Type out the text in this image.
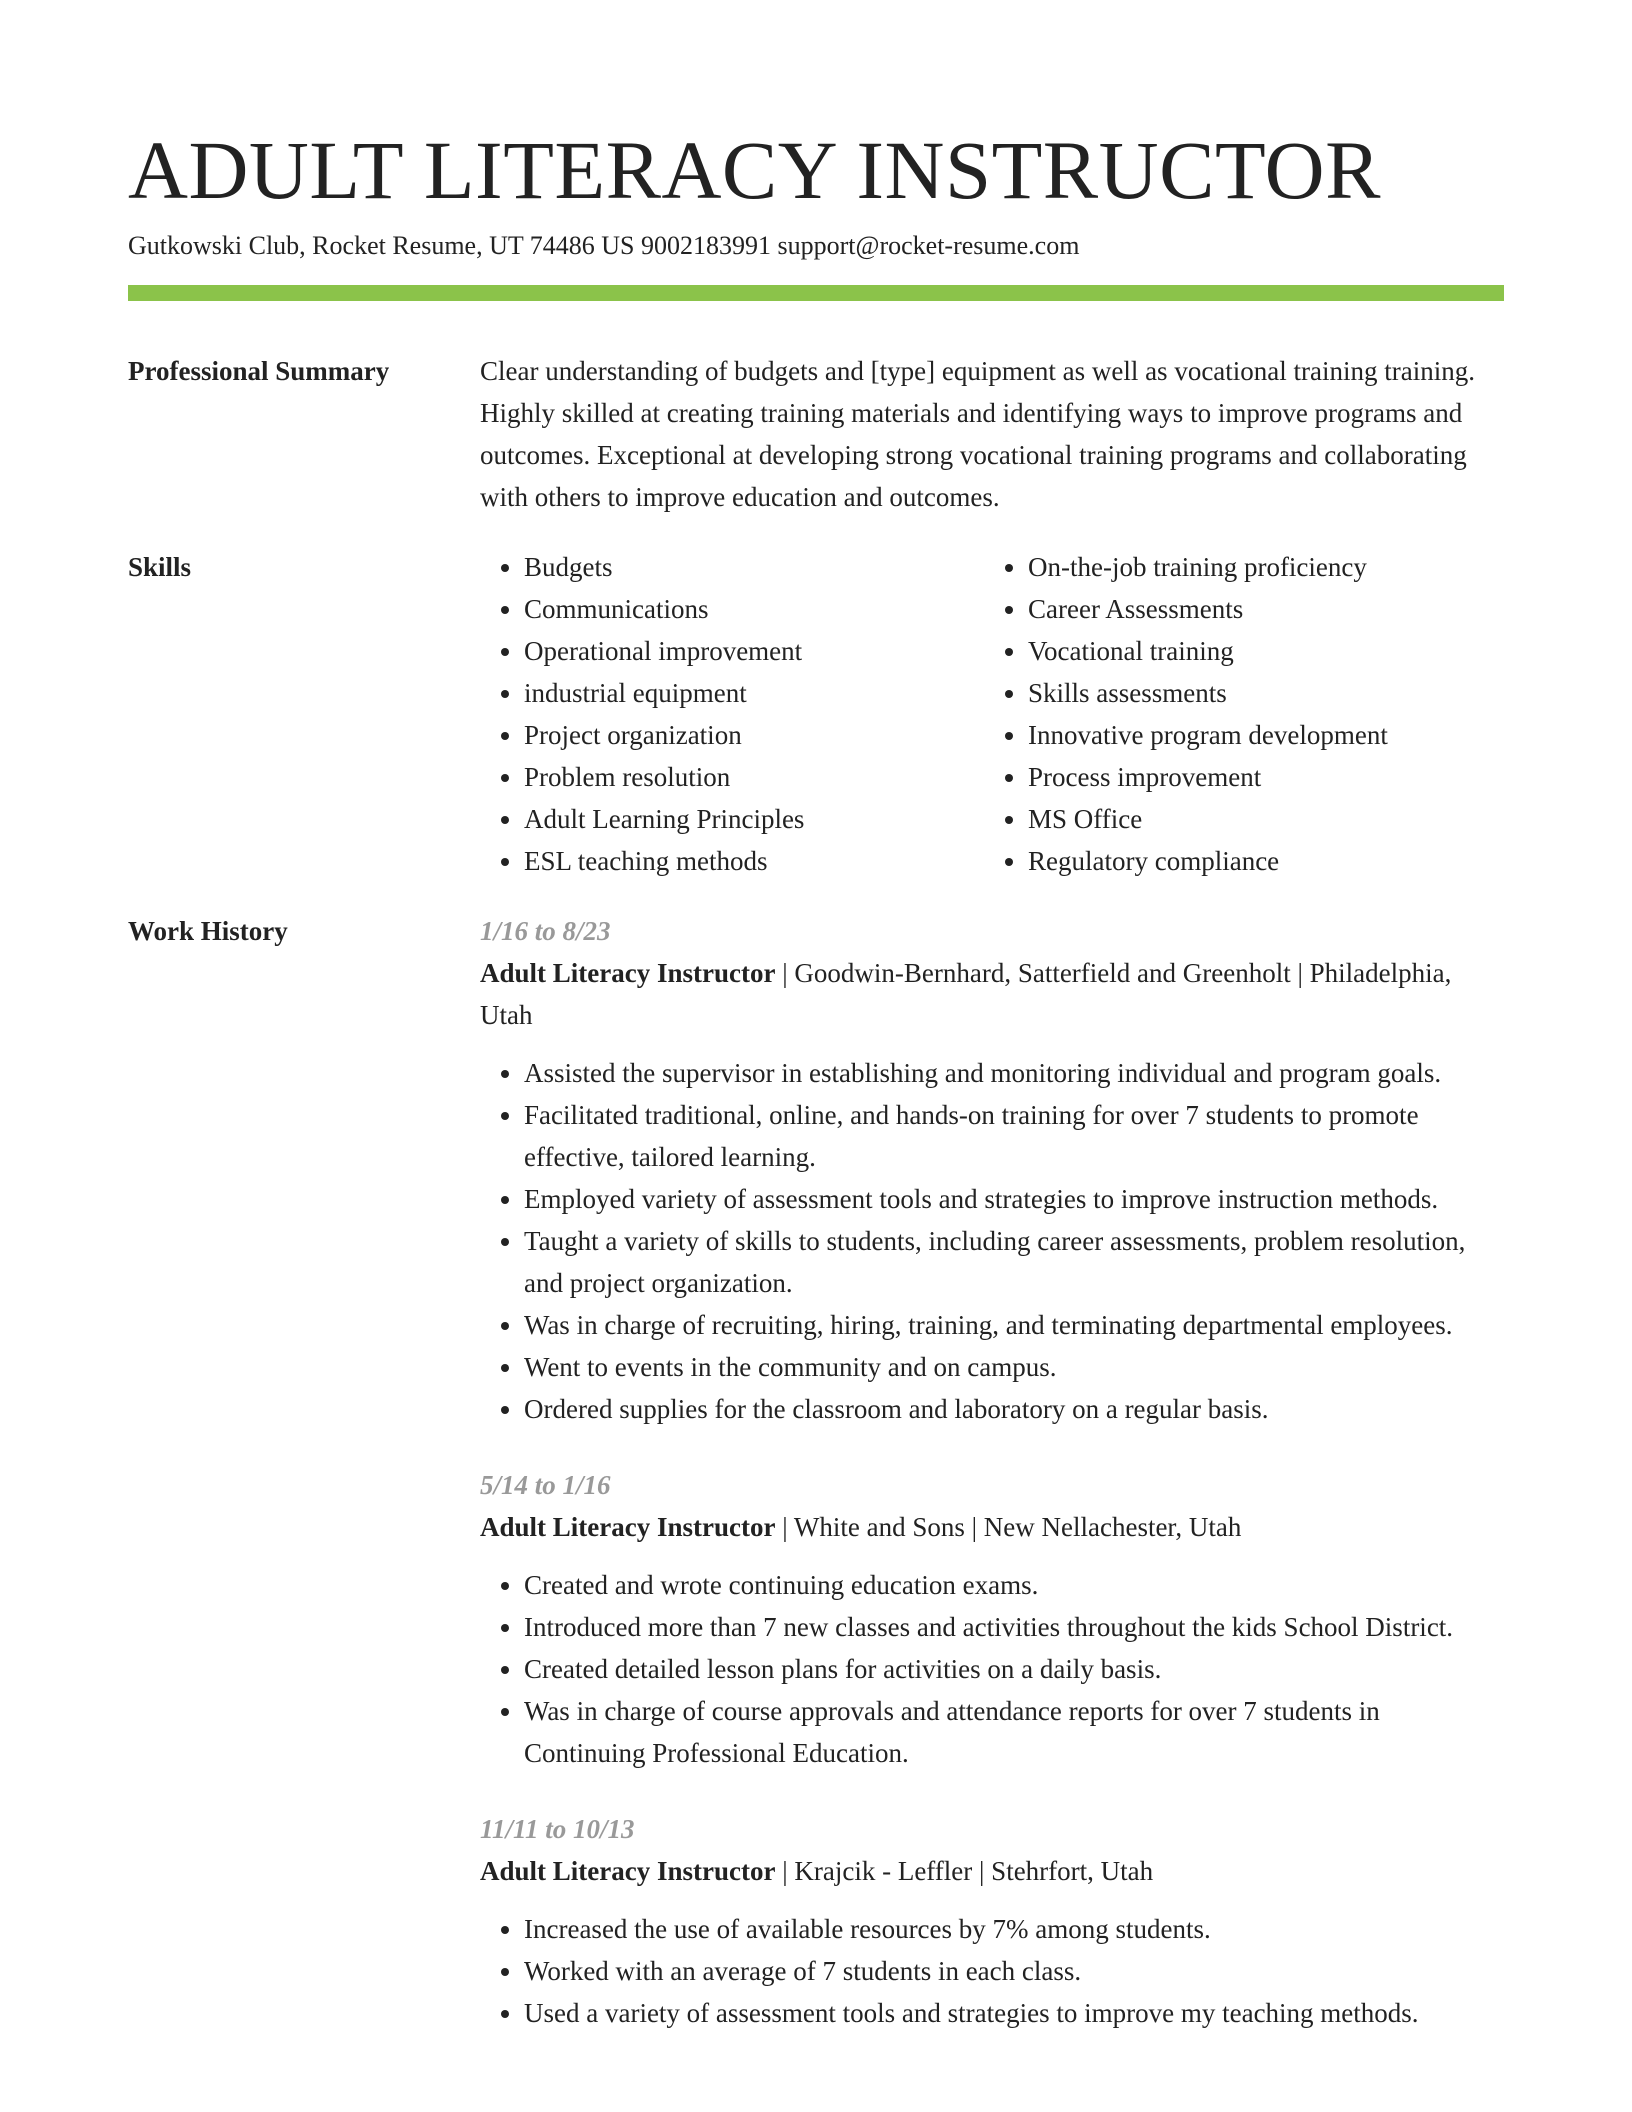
ADULT LITERACY INSTRUCTOR
Gutkowski Club, Rocket Resume, UT 74486 US 9002183991 support@rocket-resume.com
Professional Summary	Clear understanding of budgets and [type] equipment as well as vocational training training. Highly skilled at creating training materials and identifying ways to improve programs and outcomes. Exceptional at developing strong vocational training programs and collaborating with others to improve education and outcomes.

Skills
•	Budgets
• Communications
• Operational improvement
• industrial equipment
• Project organization
• Problem resolution
• Adult Learning Principles
• ESL teaching methods
• On-the-job training proficiency
• Career Assessments
• Vocational training
• Skills assessments
• Innovative program development
• Process improvement
• MS Office
• Regulatory compliance
Work History	1/16 to 8/23
Adult Literacy Instructor | Goodwin-Bernhard, Satterfield and Greenholt | Philadelphia, Utah
• Assisted the supervisor in establishing and monitoring individual and program goals.
• Facilitated traditional, online, and hands-on training for over 7 students to promote effective, tailored learning.
• Employed variety of assessment tools and strategies to improve instruction methods.
• Taught a variety of skills to students, including career assessments, problem resolution, and project organization.
• Was in charge of recruiting, hiring, training, and terminating departmental employees.
• Went to events in the community and on campus.
• Ordered supplies for the classroom and laboratory on a regular basis.
5/14 to 1/16
Adult Literacy Instructor | White and Sons | New Nellachester, Utah
• Created and wrote continuing education exams.
• Introduced more than 7 new classes and activities throughout the kids School District.
• Created detailed lesson plans for activities on a daily basis.
• Was in charge of course approvals and attendance reports for over 7 students in Continuing Professional Education.
11/11 to 10/13
Adult Literacy Instructor | Krajcik - Leffler | Stehrfort, Utah
• Increased the use of available resources by 7% among students.
• Worked with an average of 7 students in each class.
• Used a variety of assessment tools and strategies to improve my teaching methods.
